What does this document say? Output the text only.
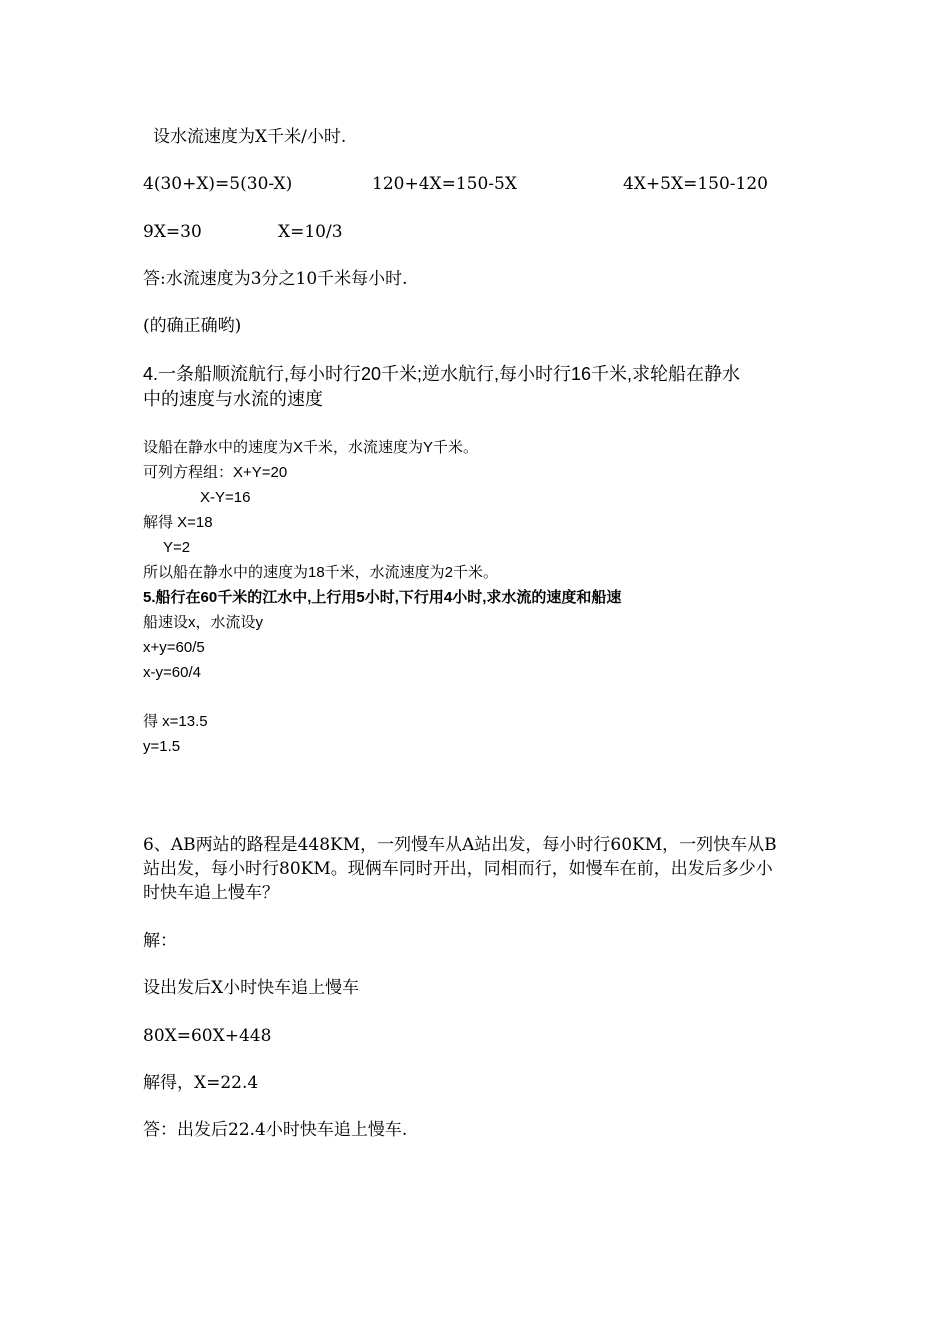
设水流速度为X千米/小时.
4(30+X)=5(30-X)	120+4X=150-5X	4X+5X=150-120
9X=30	X=10/3
答:水流速度为3分之10千米每小时.
(的确正确哟)
4.一条船顺流航行,每小时行20千米;逆水航行,每小时行16千米,求轮船在静水
中的速度与水流的速度
设船在静水中的速度为X千米，水流速度为Y千米。
可列方程组：X+Y=20
X-Y=16
解得 X=18
Y=2
所以船在静水中的速度为18千米，水流速度为2千米。
5.船行在60千米的江水中,上行用5小时,下行用4小时,求水流的速度和船速
船速设x，水流设y
x+y=60/5
x-y=60/4
得 x=13.5
y=1.5
6、AB两站的路程是448KM，一列慢车从A站出发，每小时行60KM，一列快车从B
站出发，每小时行80KM。现俩车同时开出，同相而行，如慢车在前，出发后多少小
时快车追上慢车？
解：
设出发后X小时快车追上慢车
80X=60X+448
解得，X=22.4
答：出发后22.4小时快车追上慢车.
